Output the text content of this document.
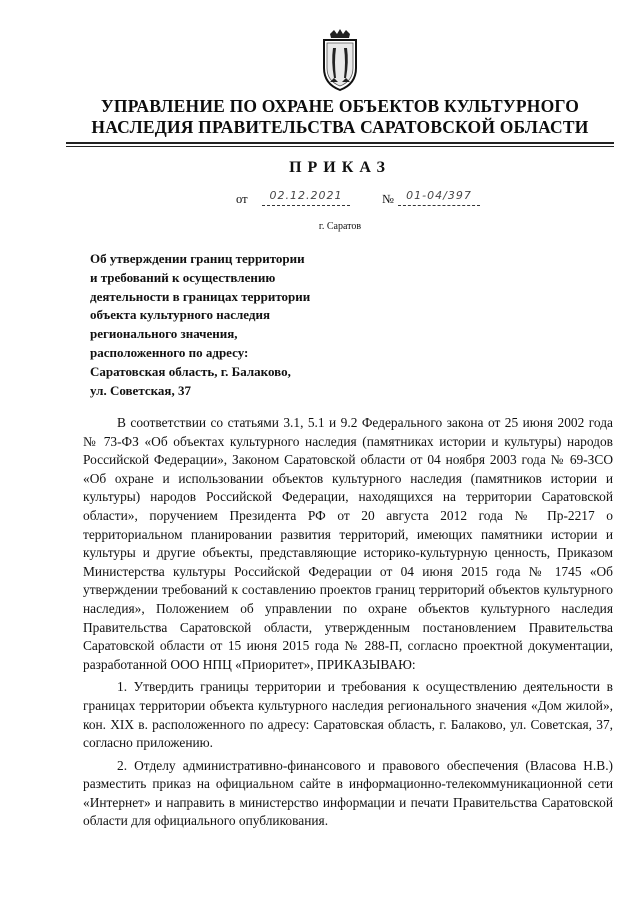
УПРАВЛЕНИЕ ПО ОХРАНЕ ОБЪЕКТОВ КУЛЬТУРНОГО
НАСЛЕДИЯ ПРАВИТЕЛЬСТВА САРАТОВСКОЙ ОБЛАСТИ
ПРИКАЗ
от	02.12.2021	№	01-04/397
г. Саратов
Об утверждении границ территории
и требований к осуществлению
деятельности в границах территории
объекта культурного наследия
регионального значения,
расположенного по адресу:
Саратовская область, г. Балаково,
ул. Советская, 37

В соответствии со статьями 3.1, 5.1 и 9.2 Федерального закона от 25 июня 2002 года № 73-ФЗ «Об объектах культурного наследия (памятниках истории и культуры) народов Российской Федерации», Законом Саратовской области от 04 ноября 2003 года № 69-ЗСО «Об охране и использовании объектов культурного наследия (памятников истории и культуры) народов Российской Федерации, находящихся на территории Саратовской области», поручением Президента РФ от 20 августа 2012 года № Пр-2217 о территориальном планировании развития территорий, имеющих памятники истории и культуры и другие объекты, представляющие историко-культурную ценность, Приказом Министерства культуры Российской Федерации от 04 июня 2015 года № 1745 «Об утверждении требований к составлению проектов границ территорий объектов культурного наследия», Положением об управлении по охране объектов культурного наследия Правительства Саратовской области, утвержденным постановлением Правительства Саратовской области от 15 июня 2015 года № 288-П, согласно проектной документации, разработанной ООО НПЦ «Приоритет», ПРИКАЗЫВАЮ:

1. Утвердить границы территории и требования к осуществлению деятельности в границах территории объекта культурного наследия регионального значения «Дом жилой», кон. XIX в. расположенного по адресу: Саратовская область, г. Балаково, ул. Советская, 37, согласно приложению.

2. Отделу административно-финансового и правового обеспечения (Власова Н.В.) разместить приказ на официальном сайте в информационно-телекоммуникационной сети «Интернет» и направить в министерство информации и печати Правительства Саратовской области для официального опубликования.
